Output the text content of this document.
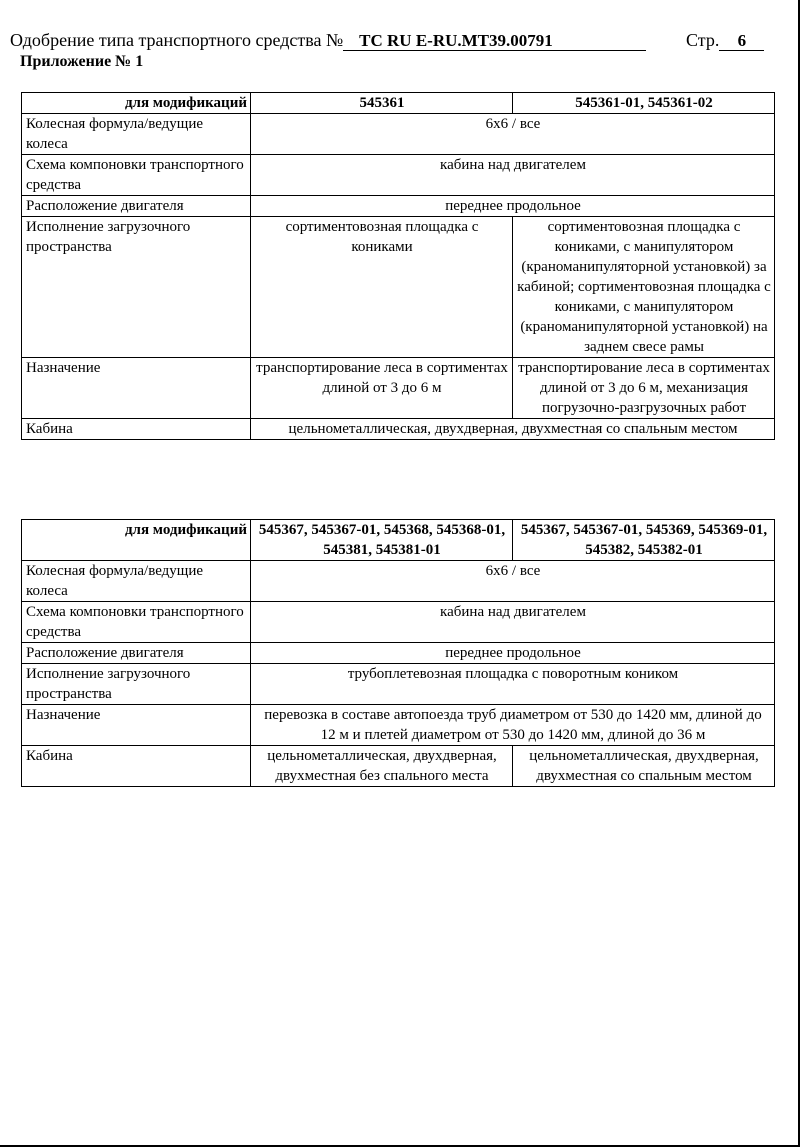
Одобрение типа транспортного средства № TC RU E-RU.MT39.00791	Стр. 6
Приложение № 1
для модификаций	545361	545361-01, 545361-02
Колесная формула/ведущие колеса	6x6 / все	
Схема компоновки транспортного средства	кабина над двигателем	
Расположение двигателя	переднее продольное	
Исполнение загрузочного пространства	сортиментовозная площадка с кониками	сортиментовозная площадка с кониками, с манипулятором (краноманипуляторной установкой) за кабиной; сортиментовозная площадка с кониками, с манипулятором (краноманипуляторной установкой) на заднем свесе рамы
Назначение	транспортирование леса в сортиментах длиной от 3 до 6 м	транспортирование леса в сортиментах длиной от 3 до 6 м, механизация погрузочно-разгрузочных работ
Кабина	цельнометаллическая, двухдверная, двухместная со спальным местом	
для модификаций	545367, 545367-01, 545368, 545368-01, 545381, 545381-01	545367, 545367-01, 545369, 545369-01, 545382, 545382-01
Колесная формула/ведущие колеса	6x6 / все	
Схема компоновки транспортного средства	кабина над двигателем	
Расположение двигателя	переднее продольное	
Исполнение загрузочного пространства	трубоплетевозная площадка с поворотным коником	
Назначение	перевозка в составе автопоезда труб диаметром от 530 до 1420 мм, длиной до 12 м и плетей диаметром от 530 до 1420 мм, длиной до 36 м	
Кабина	цельнометаллическая, двухдверная, двухместная без спального места	цельнометаллическая, двухдверная, двухместная со спальным местом
